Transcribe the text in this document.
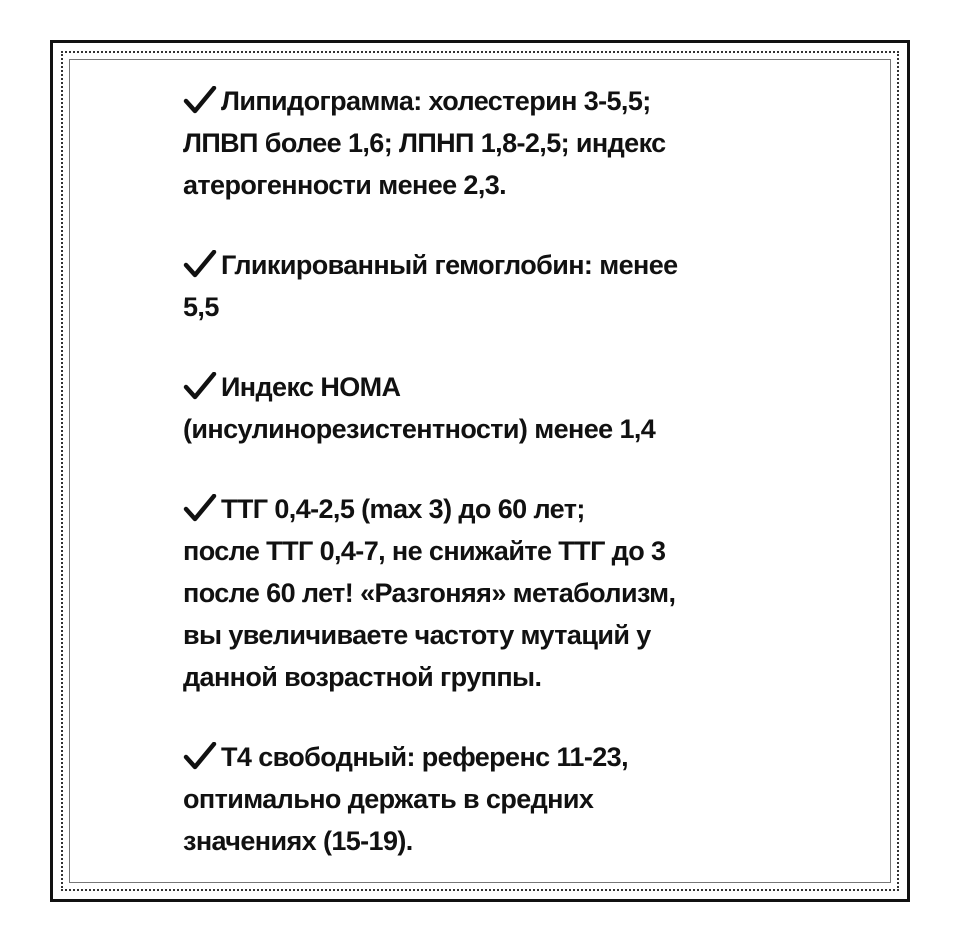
Липидограмма: холестерин 3-5,5;
ЛПВП более 1,6; ЛПНП 1,8-2,5; индекс
атерогенности менее 2,3.
Гликированный гемоглобин: менее
5,5
Индекс HOMA
(инсулинорезистентности) менее 1,4
ТТГ 0,4-2,5 (max 3) до 60 лет;
после ТТГ 0,4-7, не снижайте ТТГ до 3
после 60 лет! «Разгоняя» метаболизм,
вы увеличиваете частоту мутаций у
данной возрастной группы.
Т4 свободный: референс 11-23,
оптимально держать в средних
значениях (15-19).
